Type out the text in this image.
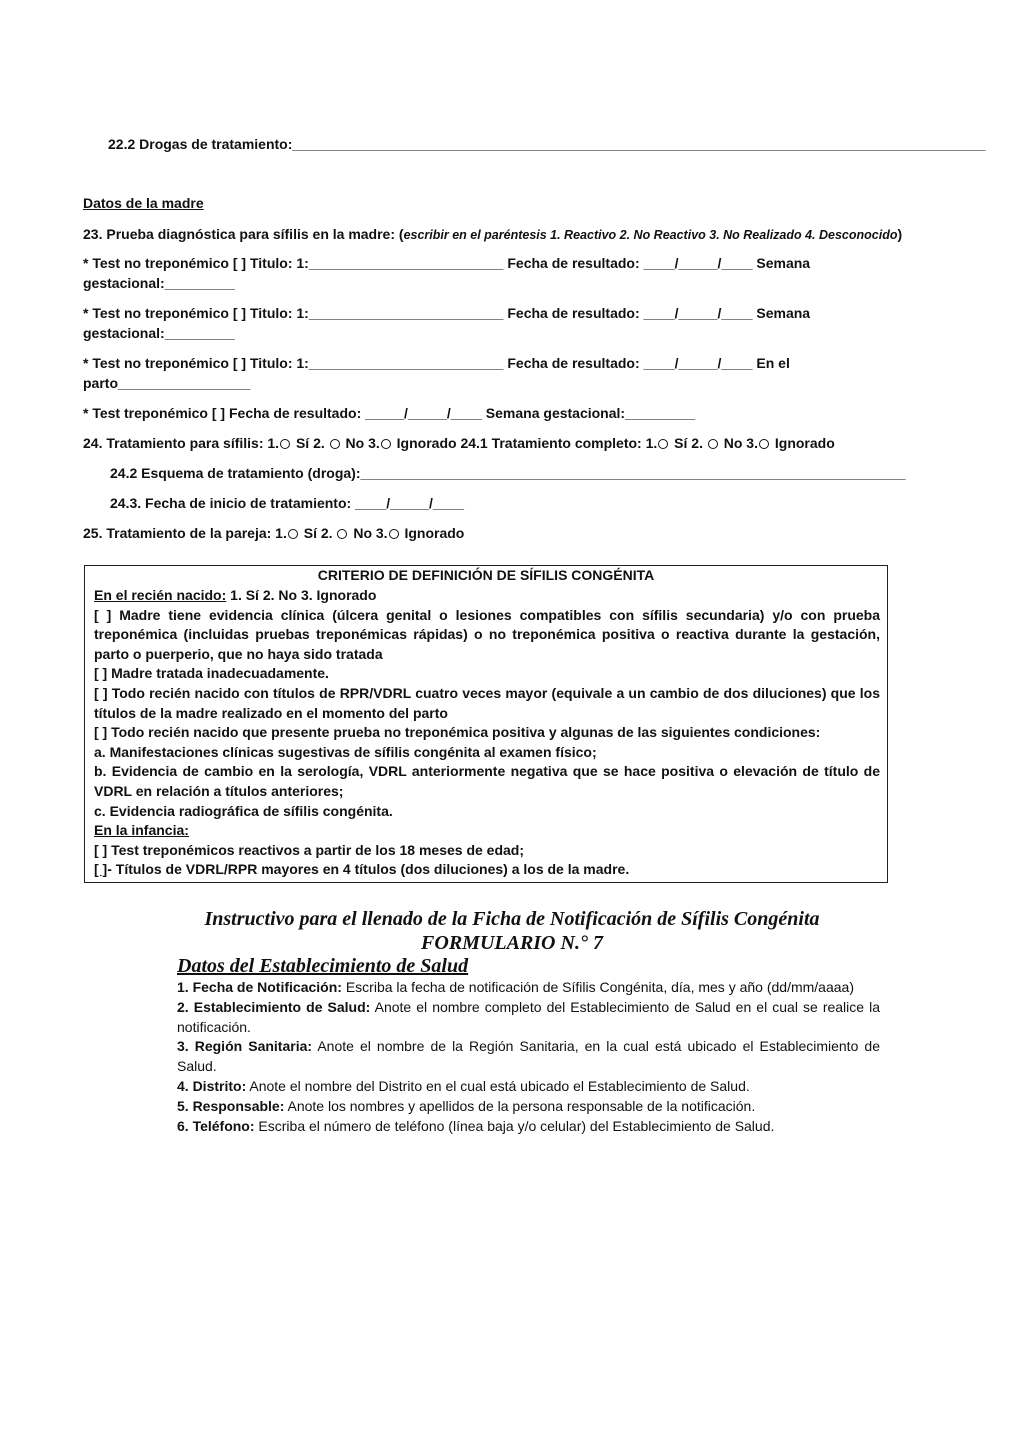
22.2 Drogas de tratamiento:_________________________________________________________________________________________
Datos de la madre
23. Prueba diagnóstica para sífilis en la madre: (escribir en el paréntesis 1. Reactivo 2. No Reactivo 3. No Realizado 4. Desconocido)
* Test no treponémico [ ] Titulo: 1:_________________________ Fecha de resultado: ____/_____/____ Semana
gestacional:_________
* Test no treponémico [ ] Titulo: 1:_________________________ Fecha de resultado: ____/_____/____ Semana
gestacional:_________
* Test no treponémico [ ] Titulo: 1:_________________________ Fecha de resultado: ____/_____/____ En el
parto_________________
* Test treponémico [ ] Fecha de resultado: _____/_____/____ Semana gestacional:_________
24. Tratamiento para sífilis: 1. Sí 2.  No 3. Ignorado 24.1 Tratamiento completo: 1. Sí 2.  No 3. Ignorado
24.2 Esquema de tratamiento (droga):______________________________________________________________________
24.3. Fecha de inicio de tratamiento: ____/_____/____
25. Tratamiento de la pareja: 1. Sí 2.  No 3. Ignorado
CRITERIO DE DEFINICIÓN DE SÍFILIS CONGÉNITA

En el recién nacido: 1. Sí 2. No 3. Ignorado

[ ] Madre tiene evidencia clínica (úlcera genital o lesiones compatibles con sífilis secundaria) y/o con prueba treponémica (incluidas pruebas treponémicas rápidas) o no treponémica positiva o reactiva durante la gestación, parto o puerperio, que no haya sido tratada

[ ] Madre tratada inadecuadamente.

[ ] Todo recién nacido con títulos de RPR/VDRL cuatro veces mayor (equivale a un cambio de dos diluciones) que los títulos de la madre realizado en el momento del parto

[ ] Todo recién nacido que presente prueba no treponémica positiva y algunas de las siguientes condiciones:

a. Manifestaciones clínicas sugestivas de sífilis congénita al examen físico;

b. Evidencia de cambio en la serología, VDRL anteriormente negativa que se hace positiva o elevación de título de VDRL en relación a títulos anteriores;

c. Evidencia radiográfica de sífilis congénita.

En la infancia:

[ ] Test treponémicos reactivos a partir de los 18 meses de edad;

[ ]- Títulos de VDRL/RPR mayores en 4 títulos (dos diluciones) a los de la madre.

Instructivo para el llenado de la Ficha de Notificación de Sífilis Congénita
FORMULARIO N.° 7
Datos del Establecimiento de Salud

1. Fecha de Notificación: Escriba la fecha de notificación de Sífilis Congénita, día, mes y año (dd/mm/aaaa)

2. Establecimiento de Salud: Anote el nombre completo del Establecimiento de Salud en el cual se realice la notificación.

3. Región Sanitaria: Anote el nombre de la Región Sanitaria, en la cual está ubicado el Establecimiento de Salud.

4. Distrito: Anote el nombre del Distrito en el cual está ubicado el Establecimiento de Salud.

5. Responsable: Anote los nombres y apellidos de la persona responsable de la notificación.

6. Teléfono: Escriba el número de teléfono (línea baja y/o celular) del Establecimiento de Salud.
